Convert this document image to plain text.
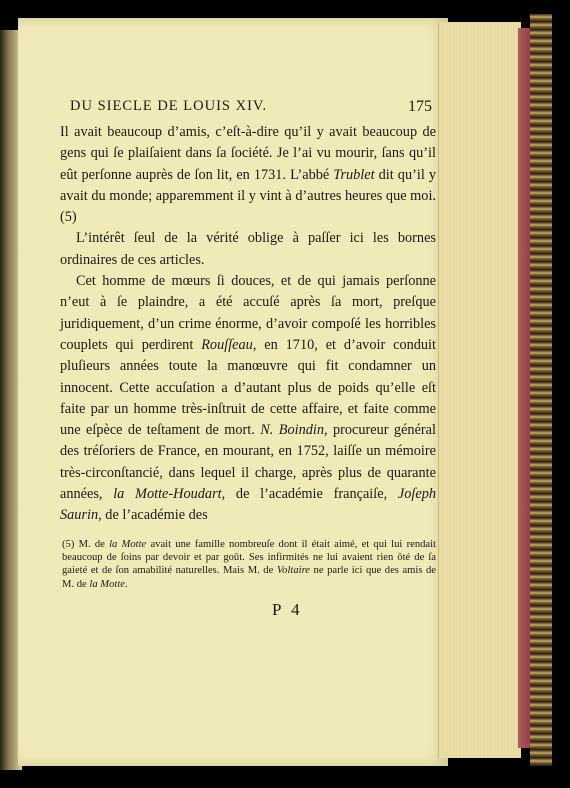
DU SIECLE DE LOUIS XIV.	175

Il avait beaucoup d’amis, c’eſt-à-dire qu’il y avait beaucoup de gens qui ſe plaiſaient dans ſa ſociété. Je l’ai vu mourir, ſans qu’il eût perſonne auprès de ſon lit, en 1731. L’abbé Trublet dit qu’il y avait du monde; apparemment il y vint à d’autres heures que moi. (5)

L’intérêt ſeul de la vérité oblige à paſſer ici les bornes ordinaires de ces articles.

Cet homme de mœurs ſi douces, et de qui jamais perſonne n’eut à ſe plaindre, a été accuſé après ſa mort, preſque juridiquement, d’un crime énorme, d’avoir compoſé les horribles couplets qui perdirent Rouſſeau, en 1710, et d’avoir conduit pluſieurs années toute la manœuvre qui fit condamner un innocent. Cette accuſation a d’autant plus de poids qu’elle eſt faite par un homme très-inſtruit de cette affaire, et faite comme une eſpèce de teſtament de mort. N. Boindin, procureur général des tréſoriers de France, en mourant, en 1752, laiſſe un mémoire très-circonſtancié, dans lequel il charge, après plus de quarante années, la Motte-Houdart, de l’académie françaiſe, Joſeph Saurin, de l’académie des

(5) M. de la Motte avait une famille nombreuſe dont il était aimé, et qui lui rendait beaucoup de ſoins par devoir et par goût. Ses infirmités ne lui avaient rien ôté de ſa gaieté et de ſon amabilité naturelles. Mais M. de Voltaire ne parle ici que des amis de M. de la Motte.
P 4
